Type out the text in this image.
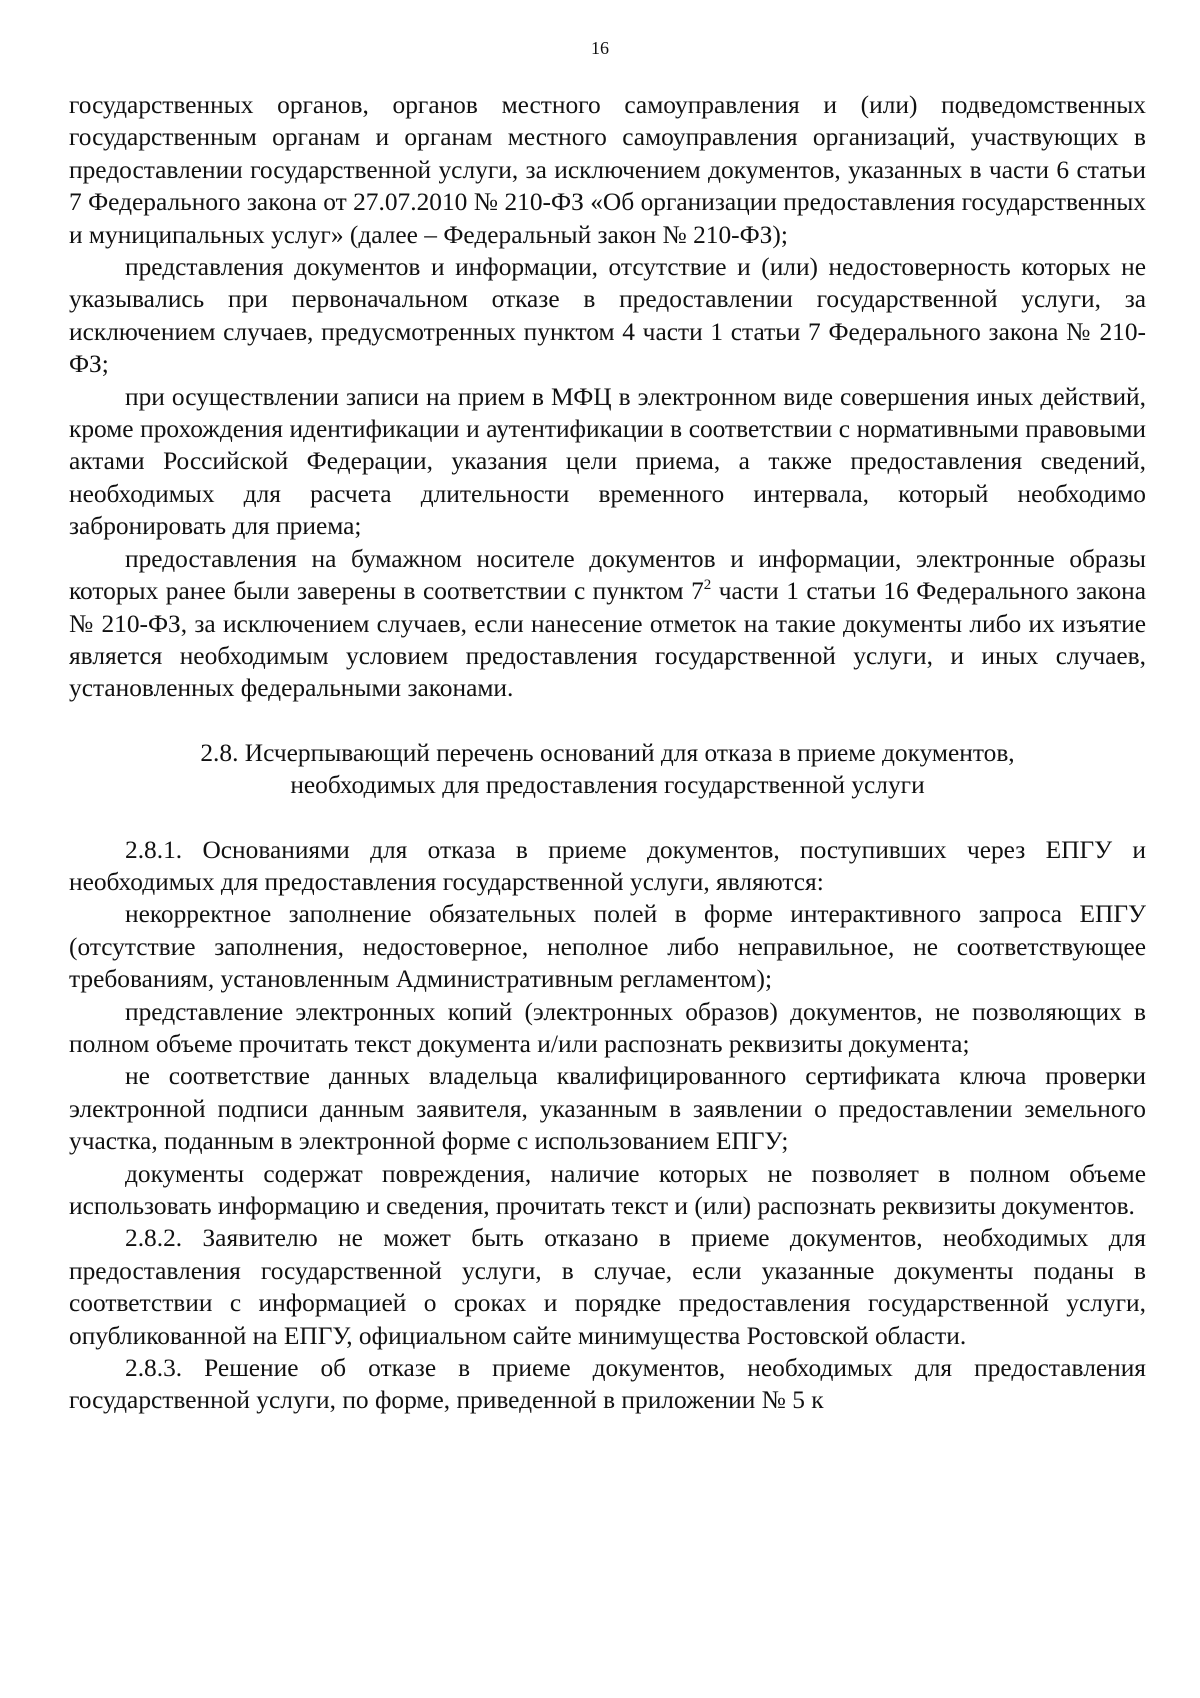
16

государственных органов, органов местного самоуправления и (или) подведомственных государственным органам и органам местного самоуправления организаций, участвующих в предоставлении государственной услуги, за исключением документов, указанных в части 6 статьи 7 Федерального закона от 27.07.2010 № 210-ФЗ «Об организации предоставления государственных и муниципальных услуг» (далее – Федеральный закон № 210-ФЗ);

представления документов и информации, отсутствие и (или) недостоверность которых не указывались при первоначальном отказе в предоставлении государственной услуги, за исключением случаев, предусмотренных пунктом 4 части 1 статьи 7 Федерального закона № 210-ФЗ;

при осуществлении записи на прием в МФЦ в электронном виде совершения иных действий, кроме прохождения идентификации и аутентификации в соответствии с нормативными правовыми актами Российской Федерации, указания цели приема, а также предоставления сведений, необходимых для расчета длительности временного интервала, который необходимо забронировать для приема;

предоставления на бумажном носителе документов и информации, электронные образы которых ранее были заверены в соответствии с пунктом $7^2$ части 1 статьи 16 Федерального закона № 210-ФЗ, за исключением случаев, если нанесение отметок на такие документы либо их изъятие является необходимым условием предоставления государственной услуги, и иных случаев, установленных федеральными законами.

2.8. Исчерпывающий перечень оснований для отказа в приеме документов,
необходимых для предоставления государственной услуги

2.8.1. Основаниями для отказа в приеме документов, поступивших через ЕПГУ и необходимых для предоставления государственной услуги, являются:

некорректное заполнение обязательных полей в форме интерактивного запроса ЕПГУ (отсутствие заполнения, недостоверное, неполное либо неправильное, не соответствующее требованиям, установленным Административным регламентом);

представление электронных копий (электронных образов) документов, не позволяющих в полном объеме прочитать текст документа и/или распознать реквизиты документа;

не соответствие данных владельца квалифицированного сертификата ключа проверки электронной подписи данным заявителя, указанным в заявлении о предоставлении земельного участка, поданным в электронной форме с использованием ЕПГУ;

документы содержат повреждения, наличие которых не позволяет в полном объеме использовать информацию и сведения, прочитать текст и (или) распознать реквизиты документов.

2.8.2. Заявителю не может быть отказано в приеме документов, необходимых для предоставления государственной услуги, в случае, если указанные документы поданы в соответствии с информацией о сроках и порядке предоставления государственной услуги, опубликованной на ЕПГУ, официальном сайте минимущества Ростовской области.

2.8.3. Решение об отказе в приеме документов, необходимых для предоставления государственной услуги, по форме, приведенной в приложении № 5 к
